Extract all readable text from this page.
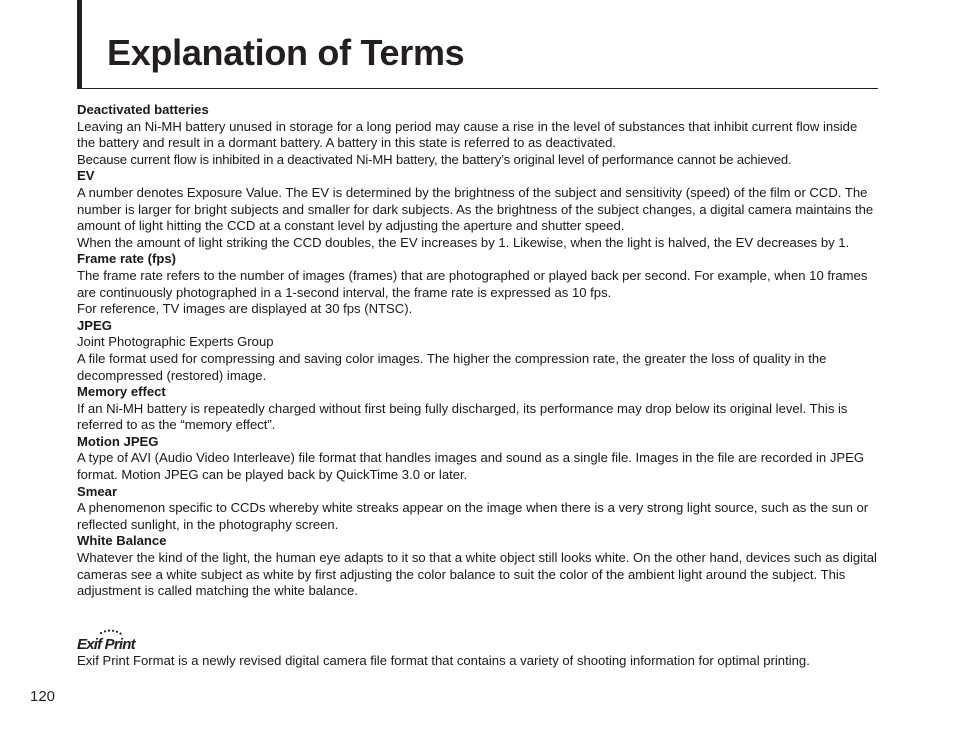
Explanation of Terms
Deactivated batteries
Leaving an Ni-MH battery unused in storage for a long period may cause a rise in the level of substances that inhibit current flow inside the battery and result in a dormant battery. A battery in this state is referred to as deactivated.
Because current flow is inhibited in a deactivated Ni-MH battery, the battery’s original level of performance cannot be achieved.
EV
A number denotes Exposure Value. The EV is determined by the brightness of the subject and sensitivity (speed) of the film or CCD. The number is larger for bright subjects and smaller for dark subjects. As the brightness of the subject changes, a digital camera maintains the amount of light hitting the CCD at a constant level by adjusting the aperture and shutter speed.
When the amount of light striking the CCD doubles, the EV increases by 1. Likewise, when the light is halved, the EV decreases by 1.
Frame rate (fps)
The frame rate refers to the number of images (frames) that are photographed or played back per second. For example, when 10 frames are continuously photographed in a 1-second interval, the frame rate is expressed as 10 fps.
For reference, TV images are displayed at 30 fps (NTSC).
JPEG
Joint Photographic Experts Group
A file format used for compressing and saving color images. The higher the compression rate, the greater the loss of quality in the decompressed (restored) image.
Memory effect
If an Ni-MH battery is repeatedly charged without first being fully discharged, its performance may drop below its original level. This is referred to as the “memory effect”.
Motion JPEG
A type of AVI (Audio Video Interleave) file format that handles images and sound as a single file. Images in the file are recorded in JPEG format. Motion JPEG can be played back by QuickTime 3.0 or later.
Smear
A phenomenon specific to CCDs whereby white streaks appear on the image when there is a very strong light source, such as the sun or reflected sunlight, in the photography screen.
White Balance
Whatever the kind of the light, the human eye adapts to it so that a white object still looks white. On the other hand, devices such as digital cameras see a white subject as white by first adjusting the color balance to suit the color of the ambient light around the subject. This adjustment is called matching the white balance.
Exif Print
Exif Print Format is a newly revised digital camera file format that contains a variety of shooting information for optimal printing.
120
